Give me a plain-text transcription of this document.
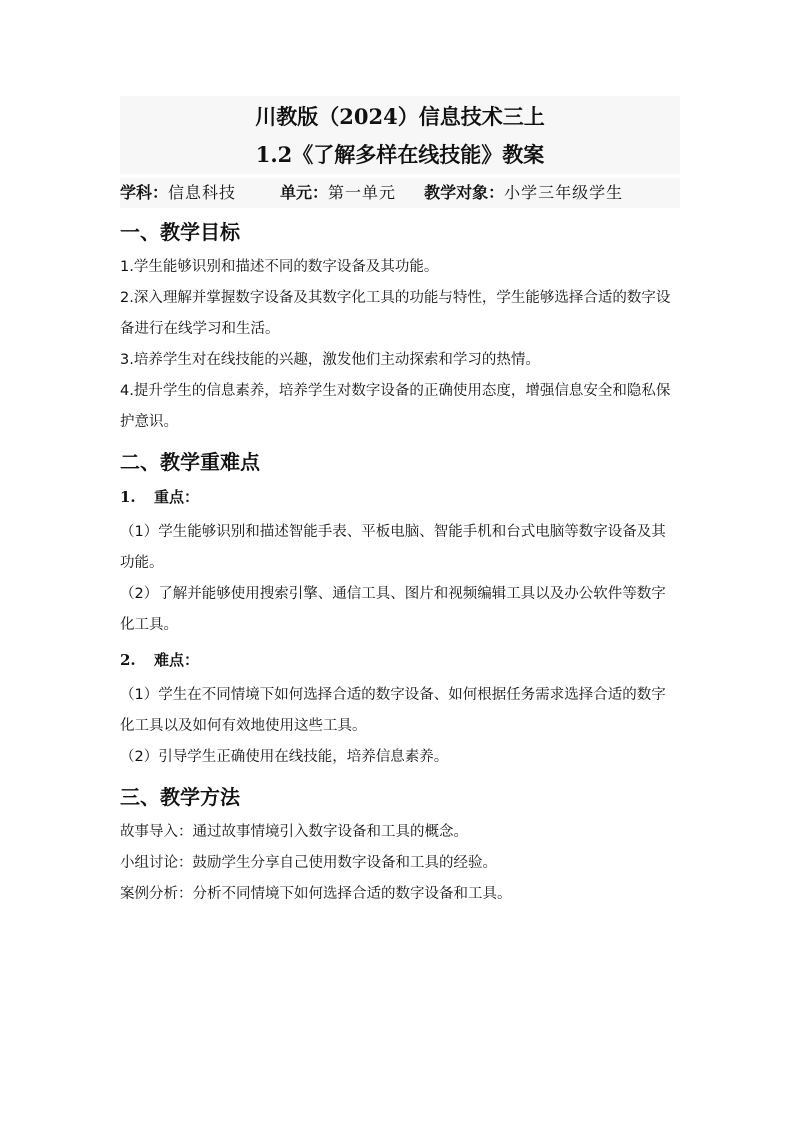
川教版（2024）信息技术三上
1.2《了解多样在线技能》教案
学科：信息科技	单元：第一单元 教学对象：小学三年级学生
一、教学目标

1.学生能够识别和描述不同的数字设备及其功能。

2.深入理解并掌握数字设备及其数字化工具的功能与特性，学生能够选择合适的数字设备进行在线学习和生活。

3.培养学生对在线技能的兴趣，激发他们主动探索和学习的热情。

4.提升学生的信息素养，培养学生对数字设备的正确使用态度，增强信息安全和隐私保护意识。

二、教学重难点
1. 重点：

（1）学生能够识别和描述智能手表、平板电脑、智能手机和台式电脑等数字设备及其功能。

（2）了解并能够使用搜索引擎、通信工具、图片和视频编辑工具以及办公软件等数字化工具。

2. 难点：

（1）学生在不同情境下如何选择合适的数字设备、如何根据任务需求选择合适的数字化工具以及如何有效地使用这些工具。

（2）引导学生正确使用在线技能，培养信息素养。

三、教学方法

故事导入：通过故事情境引入数字设备和工具的概念。

小组讨论：鼓励学生分享自己使用数字设备和工具的经验。

案例分析：分析不同情境下如何选择合适的数字设备和工具。
